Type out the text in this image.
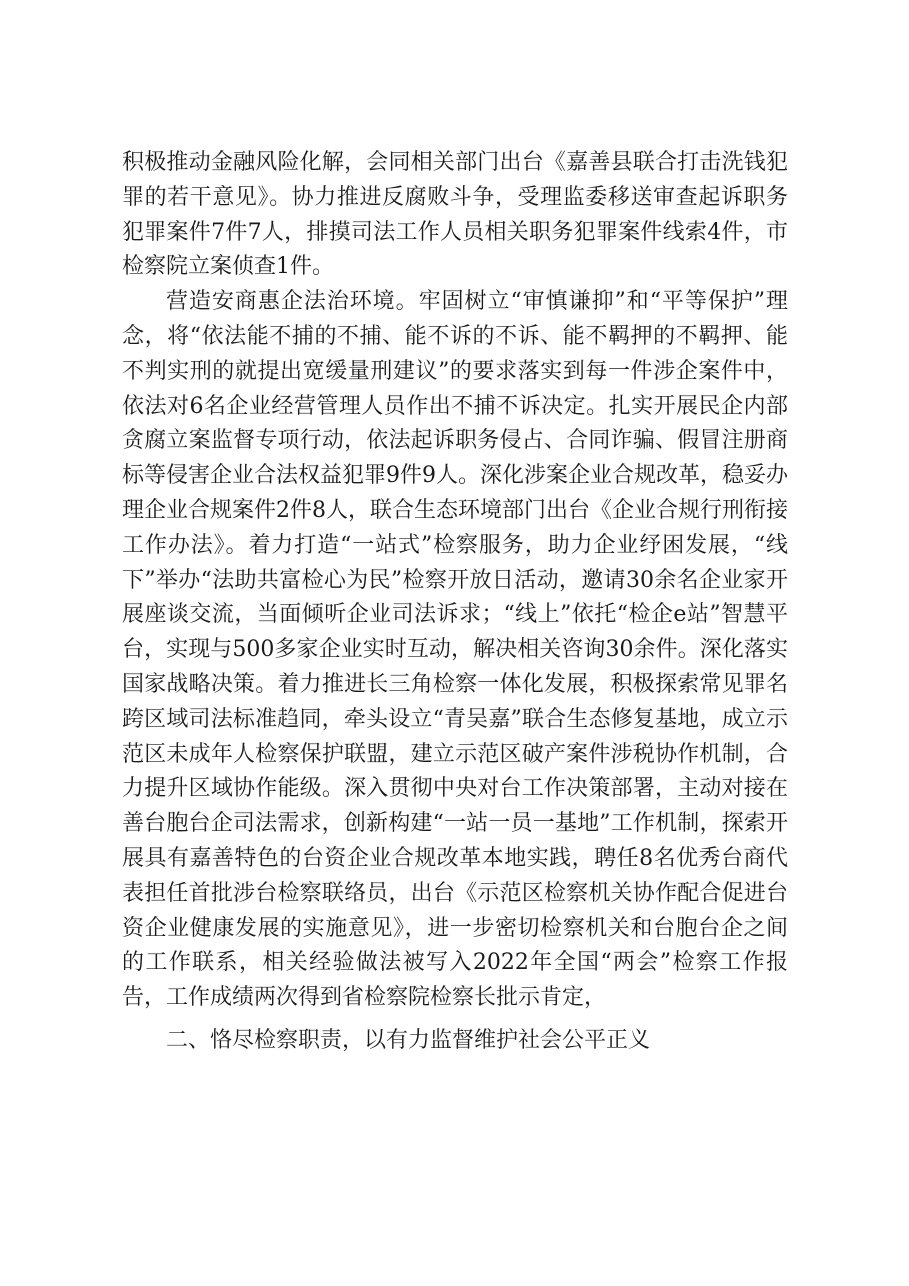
积极推动金融风险化解，会同相关部门出台《嘉善县联合打击洗钱犯罪的若干意见》。协力推进反腐败斗争，受理监委移送审查起诉职务犯罪案件7件7人，排摸司法工作人员相关职务犯罪案件线索4件，市检察院立案侦查1件。

营造安商惠企法治环境。牢固树立“审慎谦抑”和“平等保护”理念，将“依法能不捕的不捕、能不诉的不诉、能不羁押的不羁押、能不判实刑的就提出宽缓量刑建议”的要求落实到每一件涉企案件中，依法对6名企业经营管理人员作出不捕不诉决定。扎实开展民企内部贪腐立案监督专项行动，依法起诉职务侵占、合同诈骗、假冒注册商标等侵害企业合法权益犯罪9件9人。深化涉案企业合规改革，稳妥办理企业合规案件2件8人，联合生态环境部门出台《企业合规行刑衔接工作办法》。着力打造“一站式”检察服务，助力企业纾困发展，“线下”举办“法助共富检心为民”检察开放日活动，邀请30余名企业家开展座谈交流，当面倾听企业司法诉求；“线上”依托“检企e站”智慧平台，实现与500多家企业实时互动，解决相关咨询30余件。深化落实国家战略决策。着力推进长三角检察一体化发展，积极探索常见罪名跨区域司法标准趋同，牵头设立“青吴嘉”联合生态修复基地，成立示范区未成年人检察保护联盟，建立示范区破产案件涉税协作机制，合力提升区域协作能级。深入贯彻中央对台工作决策部署，主动对接在善台胞台企司法需求，创新构建“一站一员一基地”工作机制，探索开展具有嘉善特色的台资企业合规改革本地实践，聘任8名优秀台商代表担任首批涉台检察联络员，出台《示范区检察机关协作配合促进台资企业健康发展的实施意见》，进一步密切检察机关和台胞台企之间的工作联系，相关经验做法被写入2022年全国“两会”检察工作报告，工作成绩两次得到省检察院检察长批示肯定，

二、恪尽检察职责，以有力监督维护社会公平正义
